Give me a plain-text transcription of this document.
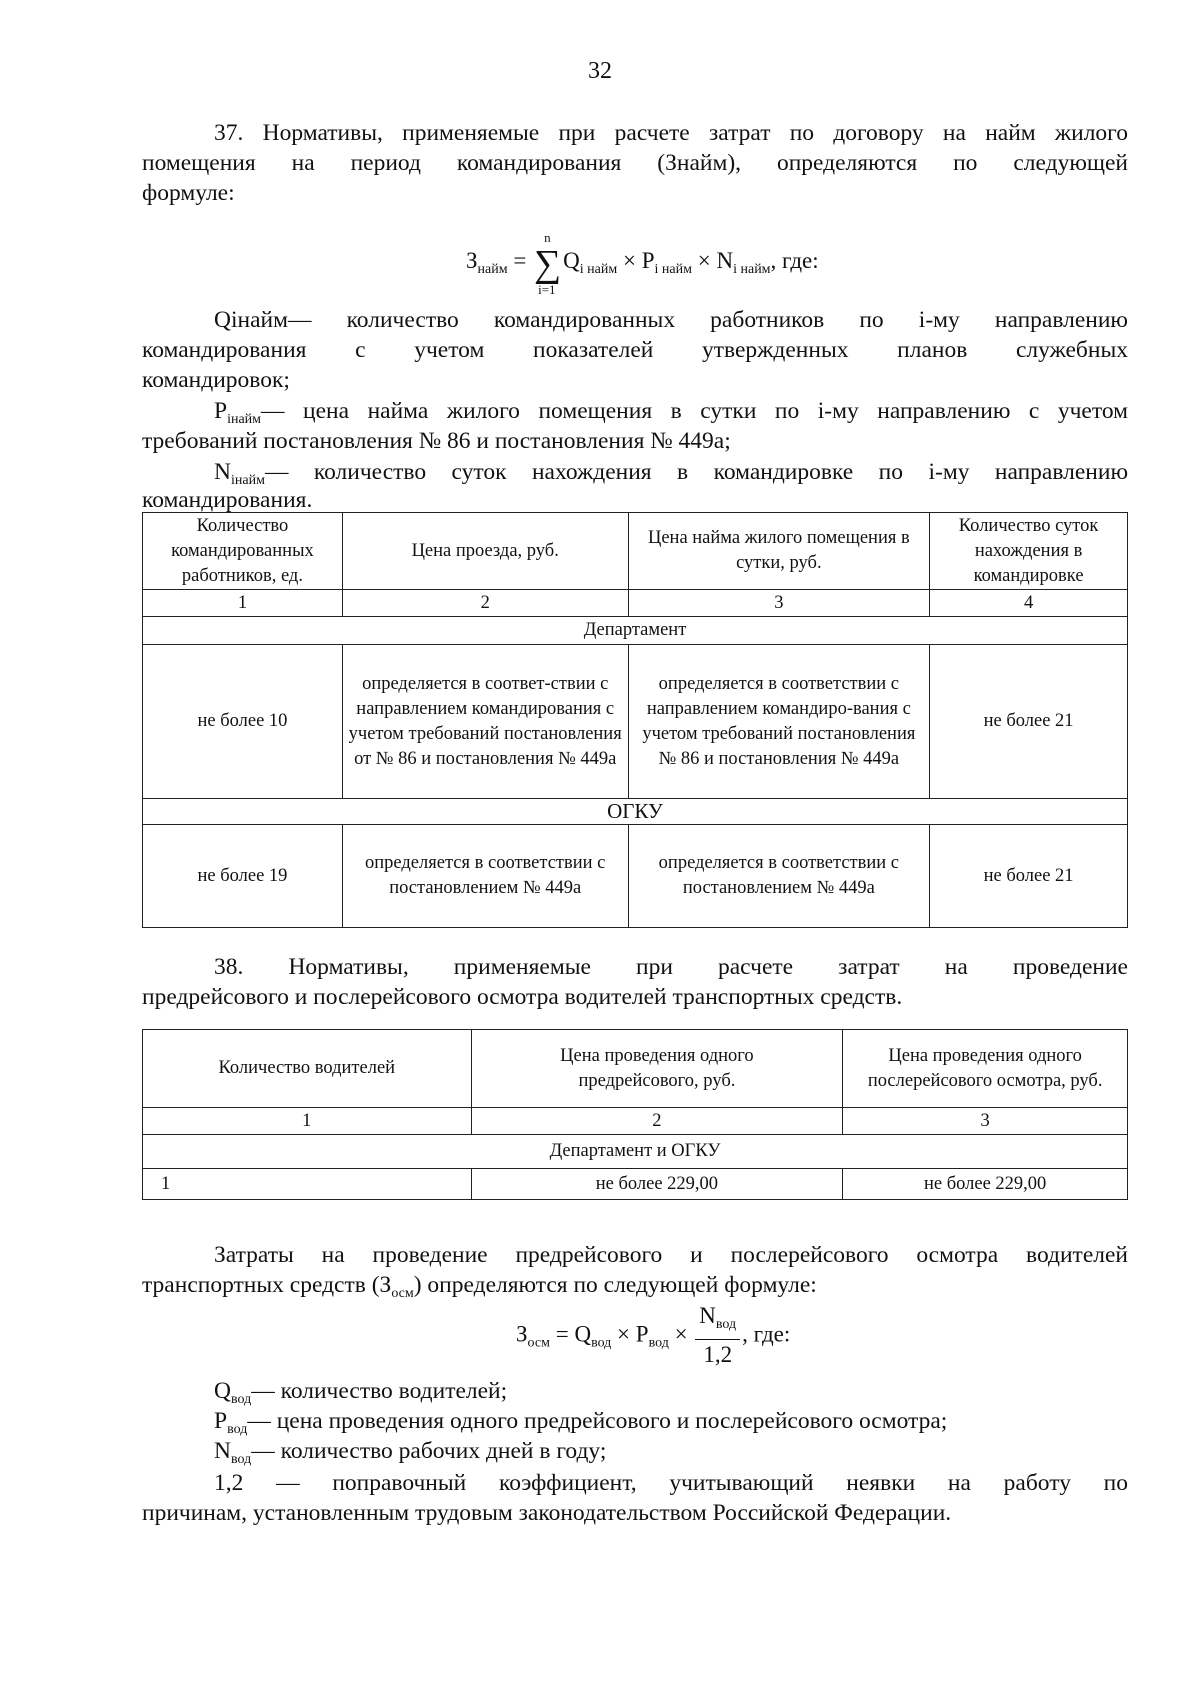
32
37. Нормативы, применяемые при расчете затрат по договору на найм жилого
помещения на период командирования (Знайм), определяются по следующей
формуле:
$З_{найм}$ =
n
∑
i=1
$Q_{i найм} \times P_{i найм} \times N_{i найм}$, где:
Qiнайм— количество командированных работников по i-му направлению
командирования с учетом показателей утвержденных планов служебных
командировок;
$P_{iнайм}—$ цена найма жилого помещения в сутки по i-му направлению с учетом
требований постановления № 86 и постановления № 449а;
$N_{iнайм}—$ количество суток нахождения в командировке по i-му направлению
командирования.
Количество командированных работников, ед.	Цена проезда, руб.	Цена найма жилого помещения в сутки, руб.	Количество суток нахождения в командировке
1	2	3	4
Департамент			
не более 10	определяется в соответ-ствии с направлением командирования с учетом требований постановления от № 86 и постановления № 449а	определяется в соответствии с направлением командиро-вания с учетом требований постановления № 86 и постановления № 449а	не более 21
ОГКУ			
не более 19	определяется в соответствии с постановлением № 449а	определяется в соответствии с постановлением № 449а	не более 21
38. Нормативы, применяемые при расчете затрат на проведение
предрейсового и послерейсового осмотра водителей транспортных средств.
Количество водителей	Цена проведения одного предрейсового, руб.	Цена проведения одного послерейсового осмотра, руб.
1	2	3
Департамент и ОГКУ		
1	не более 229,00	не более 229,00
Затраты на проведение предрейсового и послерейсового осмотра водителей
транспортных средств $(З_{осм})$ определяются по следующей формуле:
$З_{осм} = Q_{вод} \times P_{вод} \times \frac{N_{вод}}{1,2}$ , где:
$Q_{вод}—$ количество водителей;
$P_{вод}—$ цена проведения одного предрейсового и послерейсового осмотра;
$N_{вод}—$ количество рабочих дней в году;
1,2 — поправочный коэффициент, учитывающий неявки на работу по
причинам, установленным трудовым законодательством Российской Федерации.
